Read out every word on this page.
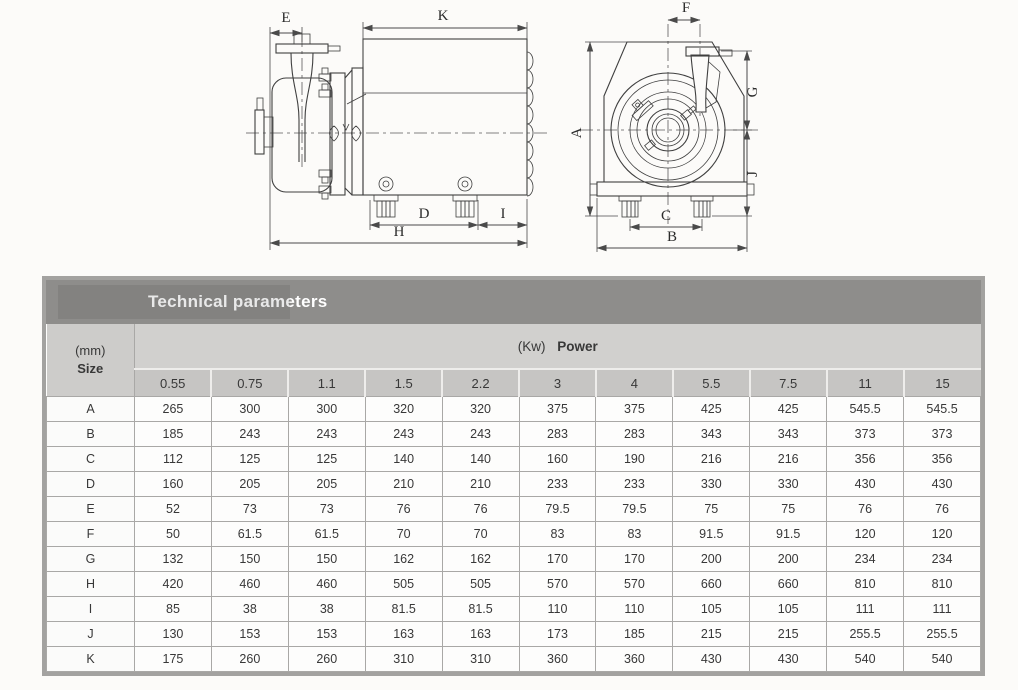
E	K
D	I
H
F
A
G
J
C
B
Technical parameters
(mm)
Size	(Kw) Power										
	0.55	0.75	1.1	1.5	2.2	3	4	5.5	7.5	11	15
A	265	300	300	320	320	375	375	425	425	545.5	545.5
B	185	243	243	243	243	283	283	343	343	373	373
C	112	125	125	140	140	160	190	216	216	356	356
D	160	205	205	210	210	233	233	330	330	430	430
E	52	73	73	76	76	79.5	79.5	75	75	76	76
F	50	61.5	61.5	70	70	83	83	91.5	91.5	120	120
G	132	150	150	162	162	170	170	200	200	234	234
H	420	460	460	505	505	570	570	660	660	810	810
I	85	38	38	81.5	81.5	110	110	105	105	111	111
J	130	153	153	163	163	173	185	215	215	255.5	255.5
K	175	260	260	310	310	360	360	430	430	540	540
